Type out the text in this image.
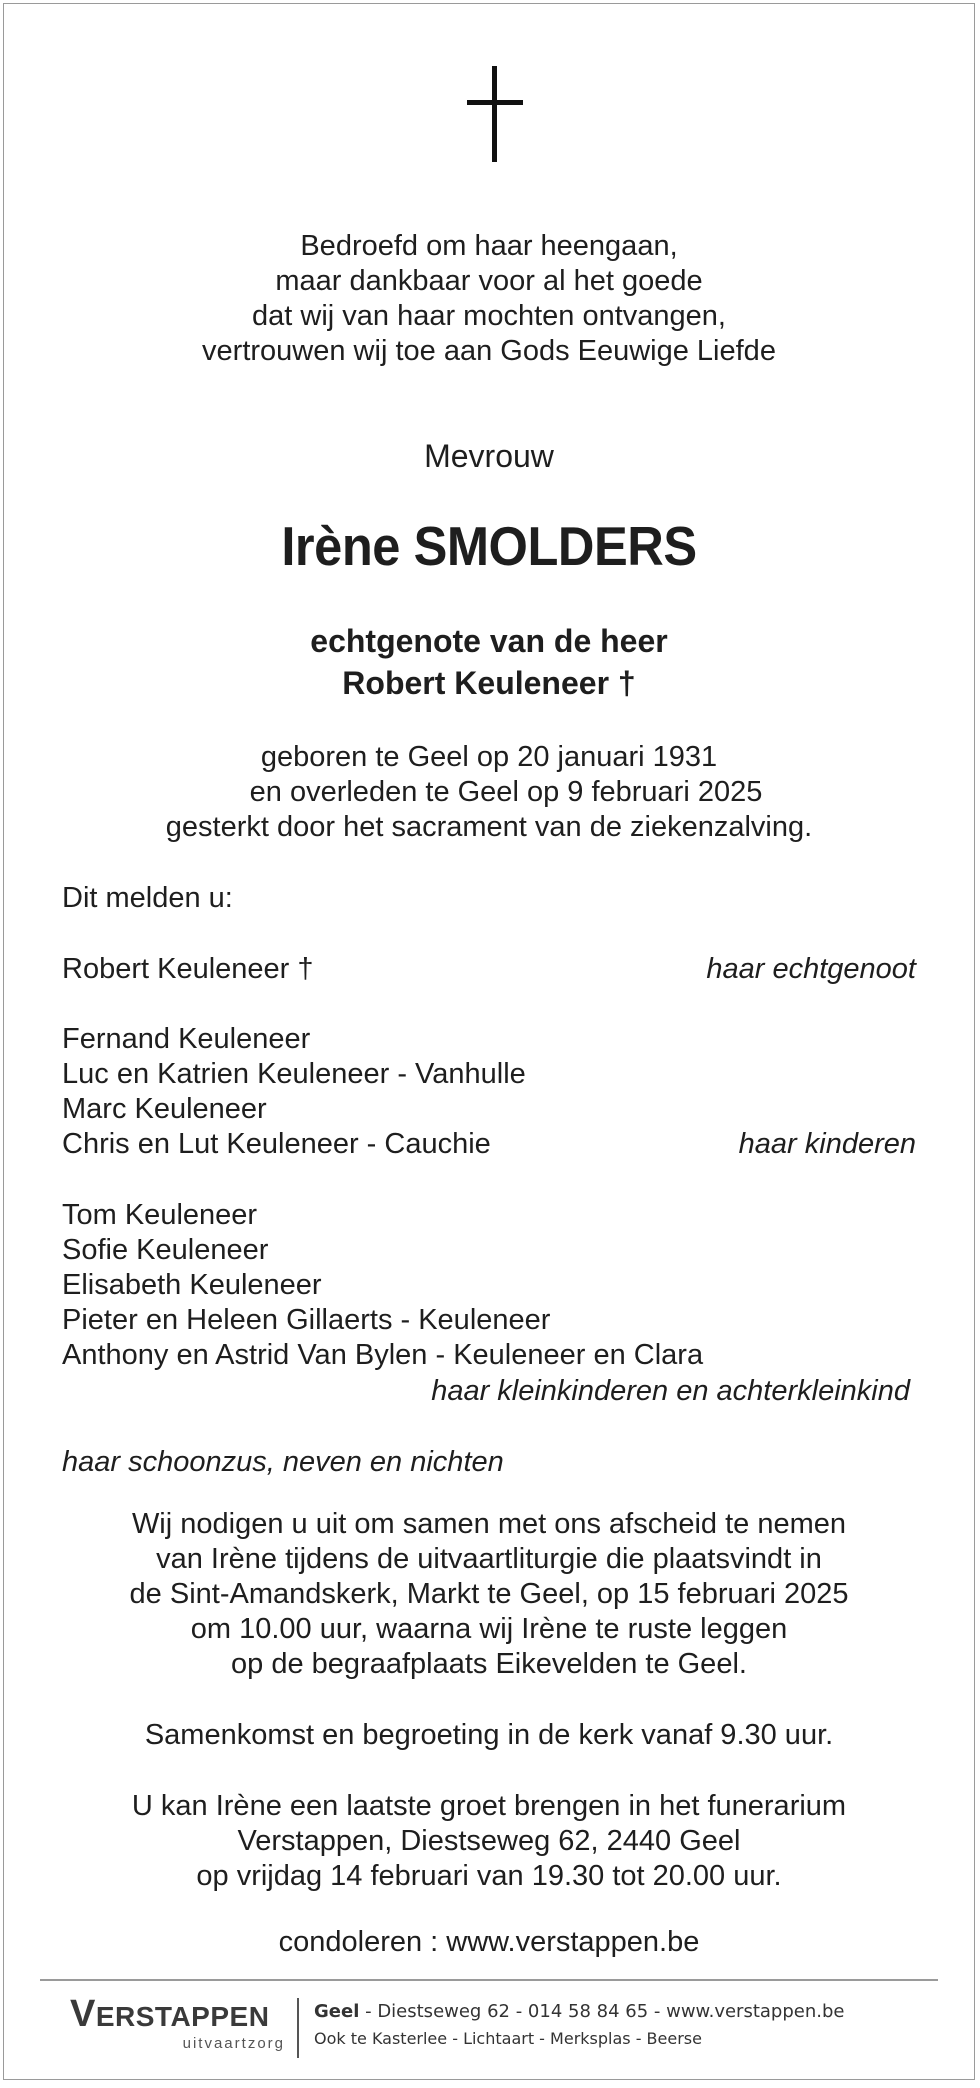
Bedroefd om haar heengaan,
maar dankbaar voor al het goede
dat wij van haar mochten ontvangen,
vertrouwen wij toe aan Gods Eeuwige Liefde
Mevrouw
Irène SMOLDERS
echtgenote van de heer
Robert Keuleneer †
geboren te Geel op 20 januari 1931
en overleden te Geel op 9 februari 2025
gesterkt door het sacrament van de ziekenzalving.
Dit melden u:
Robert Keuleneer †	haar echtgenoot
Fernand Keuleneer
Luc en Katrien Keuleneer - Vanhulle
Marc Keuleneer
Chris en Lut Keuleneer - Cauchie	haar kinderen
Tom Keuleneer
Sofie Keuleneer
Elisabeth Keuleneer
Pieter en Heleen Gillaerts - Keuleneer
Anthony en Astrid Van Bylen - Keuleneer en Clara
haar kleinkinderen en achterkleinkind
haar schoonzus, neven en nichten
Wij nodigen u uit om samen met ons afscheid te nemen
van Irène tijdens de uitvaartliturgie die plaatsvindt in
de Sint-Amandskerk, Markt te Geel, op 15 februari 2025
om 10.00 uur, waarna wij Irène te ruste leggen
op de begraafplaats Eikevelden te Geel.
Samenkomst en begroeting in de kerk vanaf 9.30 uur.
U kan Irène een laatste groet brengen in het funerarium
Verstappen, Diestseweg 62, 2440 Geel
op vrijdag 14 februari van 19.30 tot 20.00 uur.
condoleren : www.verstappen.be
VERSTAPPEN
uitvaartzorg
Geel - Diestseweg 62 - 014 58 84 65 - www.verstappen.be
Ook te Kasterlee - Lichtaart - Merksplas - Beerse
